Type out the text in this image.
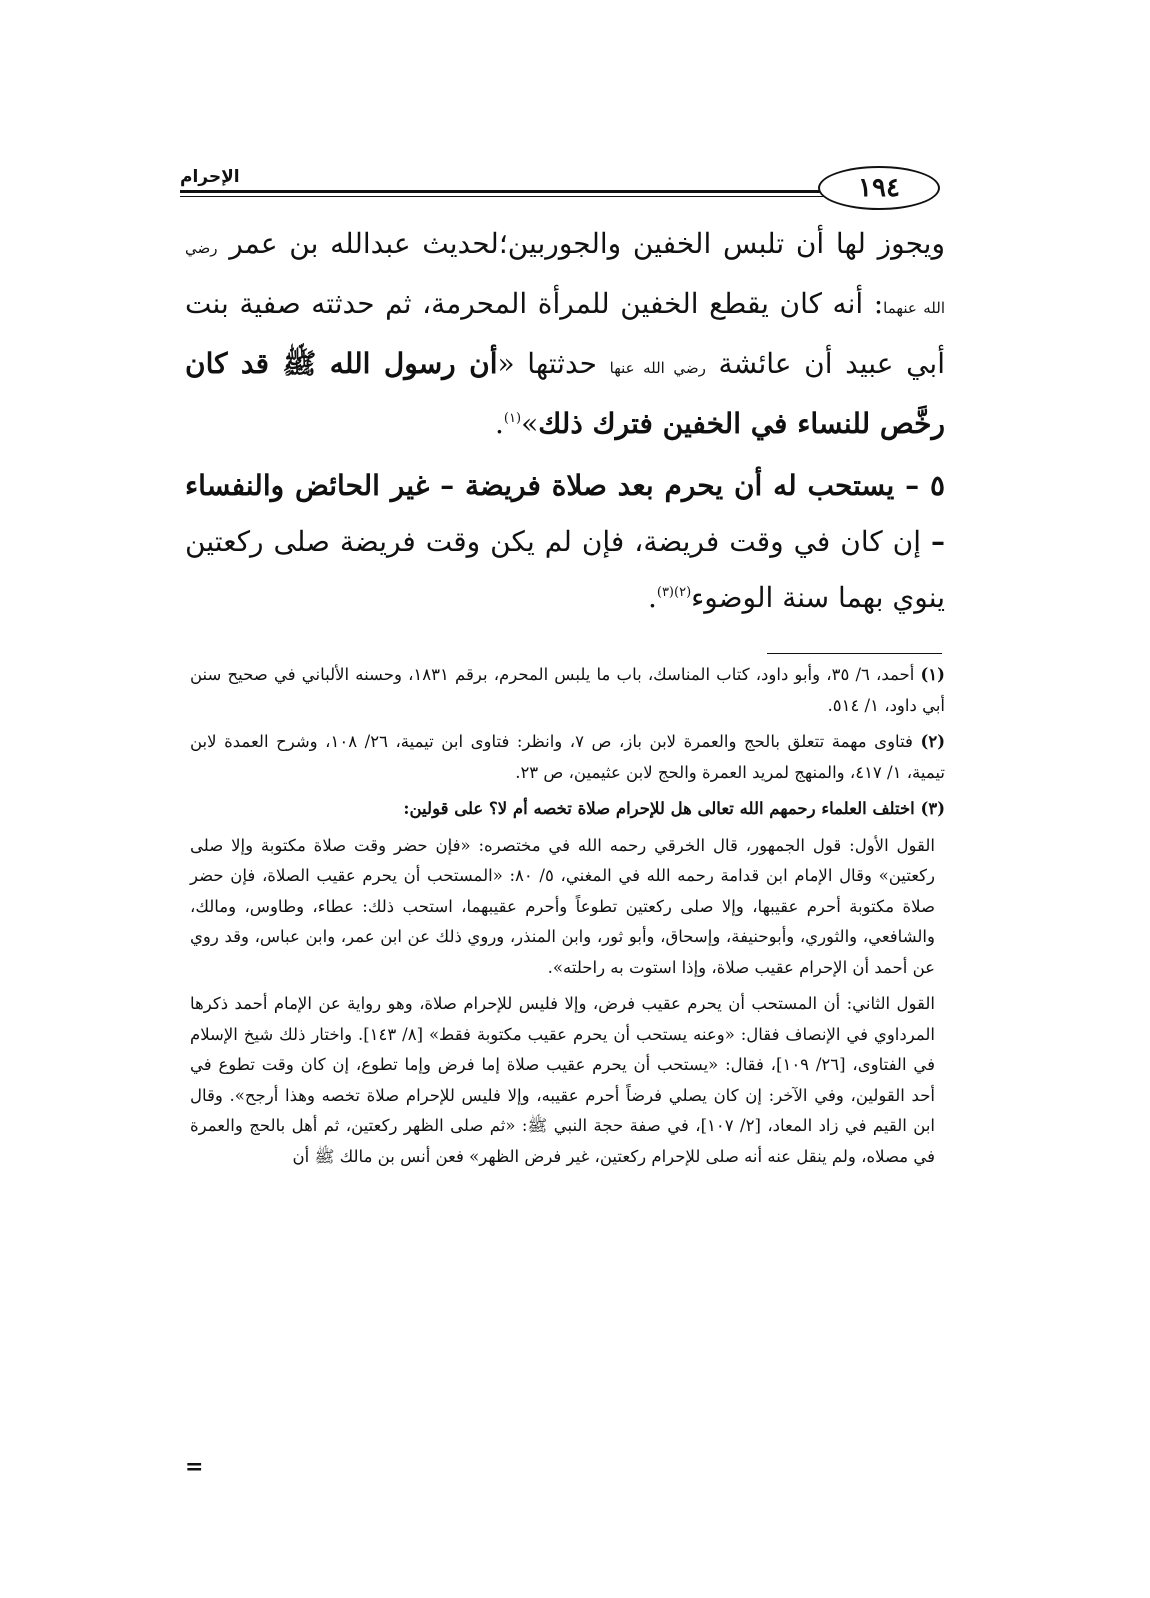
١٩٤
الإحرام

ويجوز لها أن تلبس الخفين والجوربين؛لحديث عبدالله بن عمر رضي الله عنهما: أنه كان يقطع الخفين للمرأة المحرمة، ثم حدثته صفية بنت أبي عبيد أن عائشة رضي الله عنها حدثتها «أن رسول الله ﷺ قد كان رخَّص للنساء في الخفين فترك ذلك»$^{(١)}$.

٥ – يستحب له أن يحرم بعد صلاة فريضة – غير الحائض والنفساء – إن كان في وقت فريضة، فإن لم يكن وقت فريضة صلى ركعتين ينوي بهما سنة الوضوء$^{(٢)(٣)}$.

(١) أحمد، ٦/ ٣٥، وأبو داود، كتاب المناسك، باب ما يلبس المحرم، برقم ١٨٣١، وحسنه الألباني في صحيح سنن أبي داود، ١/ ٥١٤.

(٢) فتاوى مهمة تتعلق بالحج والعمرة لابن باز، ص ٧، وانظر: فتاوى ابن تيمية، ٢٦/ ١٠٨، وشرح العمدة لابن تيمية، ١/ ٤١٧، والمنهج لمريد العمرة والحج لابن عثيمين، ص ٢٣.

(٣) اختلف العلماء رحمهم الله تعالى هل للإحرام صلاة تخصه أم لا؟ على قولين:

القول الأول: قول الجمهور، قال الخرقي رحمه الله في مختصره: «فإن حضر وقت صلاة مكتوبة وإلا صلى ركعتين» وقال الإمام ابن قدامة رحمه الله في المغني، ٥/ ٨٠: «المستحب أن يحرم عقيب الصلاة، فإن حضر صلاة مكتوبة أحرم عقيبها، وإلا صلى ركعتين تطوعاً وأحرم عقيبهما، استحب ذلك: عطاء، وطاوس، ومالك، والشافعي، والثوري، وأبوحنيفة، وإسحاق، وأبو ثور، وابن المنذر، وروي ذلك عن ابن عمر، وابن عباس، وقد روي عن أحمد أن الإحرام عقيب صلاة، وإذا استوت به راحلته».

القول الثاني: أن المستحب أن يحرم عقيب فرض، وإلا فليس للإحرام صلاة، وهو رواية عن الإمام أحمد ذكرها المرداوي في الإنصاف فقال: «وعنه يستحب أن يحرم عقيب مكتوبة فقط» [٨/ ١٤٣]. واختار ذلك شيخ الإسلام في الفتاوى، [٢٦/ ١٠٩]، فقال: «يستحب أن يحرم عقيب صلاة إما فرض وإما تطوع، إن كان وقت تطوع في أحد القولين، وفي الآخر: إن كان يصلي فرضاً أحرم عقيبه، وإلا فليس للإحرام صلاة تخصه وهذا أرجح». وقال ابن القيم في زاد المعاد، [٢/ ١٠٧]، في صفة حجة النبي ﷺ: «ثم صلى الظهر ركعتين، ثم أهل بالحج والعمرة في مصلاه، ولم ينقل عنه أنه صلى للإحرام ركعتين، غير فرض الظهر» فعن أنس بن مالك ﷺ أن

=
